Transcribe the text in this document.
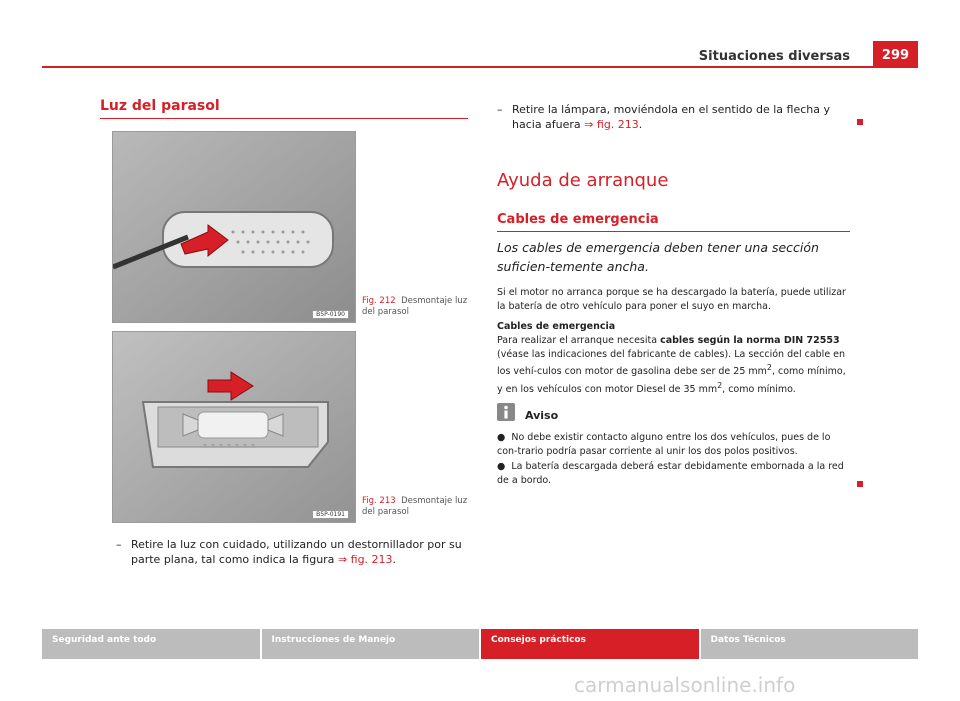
Situaciones diversas	299
Luz del parasol
B5P-0190
Fig. 212 Desmontaje luz del parasol
B5P-0191
Fig. 213 Desmontaje luz del parasol
– Retire la luz con cuidado, utilizando un destornillador por su parte plana, tal como indica la figura ⇒ fig. 213.
– Retire la lámpara, moviéndola en el sentido de la flecha y hacia afuera ⇒ fig. 213.
Ayuda de arranque
Cables de emergencia
Los cables de emergencia deben tener una sección suficien-temente ancha.
Si el motor no arranca porque se ha descargado la batería, puede utilizar la batería de otro vehículo para poner el suyo en marcha.
Cables de emergencia
Para realizar el arranque necesita cables según la norma DIN 72553 (véase las indicaciones del fabricante de cables). La sección del cable en los vehí-culos con motor de gasolina debe ser de 25 $mm^2$, como mínimo, y en los vehículos con motor Diesel de 35 $mm^2$, como mínimo.
Aviso
●  No debe existir contacto alguno entre los dos vehículos, pues de lo con-trario podría pasar corriente al unir los dos polos positivos.
●  La batería descargada deberá estar debidamente embornada a la red de a bordo.
Seguridad ante todo	Instrucciones de Manejo	Consejos prácticos	Datos Técnicos
carmanualsonline.info
